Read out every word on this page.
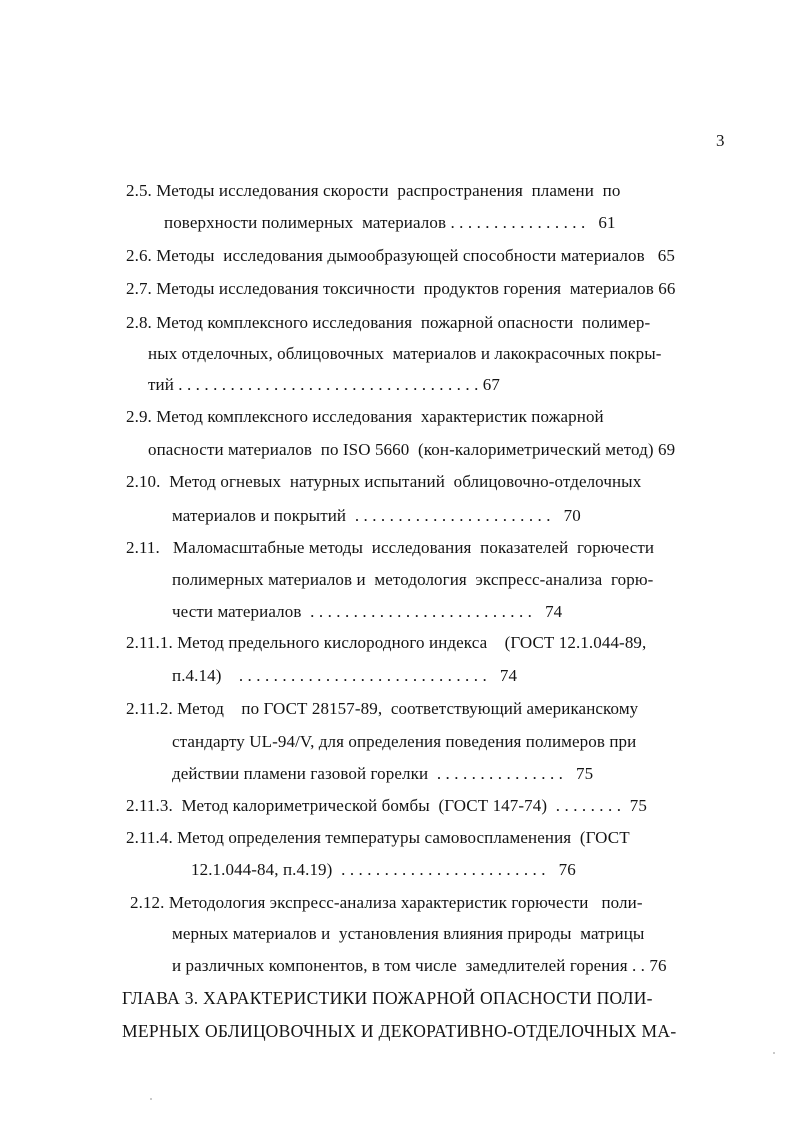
3
2.5. Методы исследования скорости  распространения  пламени  по
поверхности полимерных  материалов . . . . . . . . . . . . . . . .   61
2.6. Методы  исследования дымообразующей способности материалов   65
2.7. Методы исследования токсичности  продуктов горения  материалов 66
2.8. Метод комплексного исследования  пожарной опасности  полимер-
ных отделочных, облицовочных  материалов и лакокрасочных покры-
тий . . . . . . . . . . . . . . . . . . . . . . . . . . . . . . . . . . . 67
2.9. Метод комплексного исследования  характеристик пожарной
опасности материалов  по ISO 5660  (кон-калориметрический метод) 69
2.10.  Метод огневых  натурных испытаний  облицовочно-отделочных
материалов и покрытий  . . . . . . . . . . . . . . . . . . . . . . .   70
2.11.   Маломасштабные методы  исследования  показателей  горючести
полимерных материалов и  методология  экспресс-анализа  горю-
чести материалов  . . . . . . . . . . . . . . . . . . . . . . . . . .   74
2.11.1. Метод предельного кислородного индекса    (ГОСТ 12.1.044-89,
п.4.14)    . . . . . . . . . . . . . . . . . . . . . . . . . . . . .   74
2.11.2. Метод    по ГОСТ 28157-89,  соответствующий американскому
стандарту UL-94/V, для определения поведения полимеров при
действии пламени газовой горелки  . . . . . . . . . . . . . . .   75
2.11.3.  Метод калориметрической бомбы  (ГОСТ 147-74)  . . . . . . . .  75
2.11.4. Метод определения температуры самовоспламенения  (ГОСТ
12.1.044-84, п.4.19)  . . . . . . . . . . . . . . . . . . . . . . . .   76
2.12. Методология экспресс-анализа характеристик горючести   поли-
мерных материалов и  установления влияния природы  матрицы
и различных компонентов, в том числе  замедлителей горения . . 76
ГЛАВА 3. ХАРАКТЕРИСТИКИ ПОЖАРНОЙ ОПАСНОСТИ ПОЛИ-
МЕРНЫХ ОБЛИЦОВОЧНЫХ И ДЕКОРАТИВНО-ОТДЕЛОЧНЫХ МА-
